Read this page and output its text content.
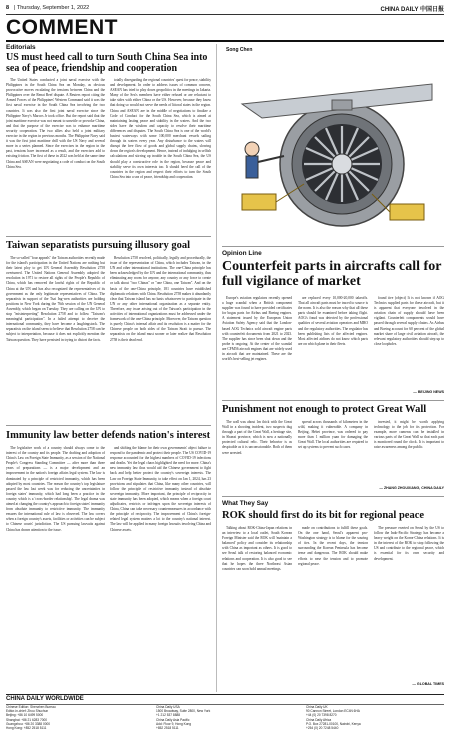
8 | Thursday, September 1, 2022	CHINA DAILY 中国日报
COMMENT
Editorials
US must heed call to turn South China Sea into sea of peace, friendship and cooperation

The United States conducted a joint naval exercise with the Philippines in the South China Sea on Monday, as obvious provocative moves escalating the tensions between China and the Philippines over the Renai Reef dispute. A Reuters report citing the Armed Forces of the Philippines' Western Command said it was the first naval exercise in the South China Sea involving the two countries. It was also the first joint naval exercise since the Philippine Navy's Marcos Jr took office. But the report said that the joint maritime exercise was not meant to unsettle or provoke China, and that the purpose of the exercise was to enhance maritime security cooperation. The two allies also held a joint military exercise in the region in previous months. The Philippine Navy said it was the first joint maritime drill with the US Navy and several more in a series planned. Since the exercises in the region in the past, tensions have increased as a result, and the exercises add to existing friction. The first of these in 2022 was held at the same time China and ASEAN were negotiating a code of conduct on the South China Sea.

totally disregarding the regional countries' quest for peace, stability and development. In order to address issues of common concern, ASEAN has tried to play down geopolitics in the meetings in Jakarta. Many of the Sea's members have either refused or are reluctant to take sides with either China or the US. However, because they know that doing so would not serve the needs of littoral states in the region. China and ASEAN are in the middle of negotiations to finalize a Code of Conduct for the South China Sea, which is aimed at maintaining lasting peace and stability in the waters. And the two sides have the wisdom and capacity to resolve their maritime differences and disputes. The South China Sea is one of the world's busiest waterways with some 100,000 merchant vessels sailing through its waters every year. Any disturbance to the waters will disrupt the free flow of goods and global supply chains, slowing down the region's development. Hence, instead of indulging in selfish calculations and stirring up trouble in the South China Sea, the US should play a constructive role in the region, because peace and stability serve its own interests too. It should heed the call of the countries in the region and respect their efforts to turn the South China Sea into a sea of peace, friendship and cooperation.

Taiwan separatists pursuing illusory goal

The so-called "four appeals" the Taiwan authorities recently made for the island's participation in the United Nations are nothing but their latest ploy to get UN General Assembly Resolution 2758 overturned. The United Nations General Assembly adopted the resolution in 1971 to restore all rights of the People's Republic of China, which has removed the lawful rights of the Republic of China at the UN and has also recognized the representatives of its government as the only legitimate representatives of China. The separatists in support of the Tsai Ing-wen authorities are holding positions in New York during the 76th session of the UN General Assembly, which began on Tuesday. They are calling on the UN to stop "misinterpreting" Resolution 2758 and to follow "Taiwan's meaningful participation". In a failed attempt to deceive the international community, they have become a laughingstock. The separatists on the island seem to believe that Resolution 2758 can be subject to interpretation, because it does not explicitly mention the Taiwan question. They have persisted in trying to distort the facts.

Resolution 2758 resolved, politically, legally and procedurally, the issue of the representation of China, which includes Taiwan, in the UN and other international institutions. The one-China principle has been acknowledged by the UN and the international community, thus eliminating any room for anyone, any country or any force to create or talk about "two Chinas" or "one China, one Taiwan". And on the basis of the one-China principle, 181 countries have established diplomatic relations with China. Resolution 2758 makes it abundantly clear that Taiwan island has no basis whatsoever to participate in the UN or any other international organization as a separate entity. Therefore, any issue arising out of the Taiwan's participation in the activities of international organizations must be addressed under the framework of the one-China principle. Moreover, the Taiwan question is purely China's internal affair and its resolution is a matter for the Chinese people on both sides of the Taiwan Strait to pursue. The separatists on the island must sooner or later realize that Resolution 2758 is their dead end.

Immunity law better defends nation's interest

The legislative work of a country should always come to the interest of the country and its people. The drafting and adoption of China's Law on Foreign State Immunity, as a session of the National People's Congress Standing Committee — after more than three years of preparations — is a major development and an improvement in the nation's foreign affairs legal system. The law is dominated by a principle of restricted immunity, which has been adopted by most countries. The reason the country's top legislature passed the law last week was for reducing the uncertainties in foreign states' immunity, which had long been a practice in the country which is a 'cross-border relationship'. The legal drama was aimed at changing the country's approach to foreign states' immunity from absolute immunity to restrictive immunity. The immunity ensures the international rule of law is observed. The law covers when a foreign country's assets, facilities or activities can be subject to Chinese courts' jurisdiction. The US pursuing lawsuits against China has drawn attention to the issue.

and shifting the blame for their own governments' abject failure to respond to the pandemic and protect their people. The US COVID-19 response accounted for the highest numbers of COVID-19 infections and deaths. Yet the legal chaos highlighted the need for more. China's new immunity law thus would aid the Chinese government to fight back and help better protect the country's sovereign interests. The Law on Foreign State Immunity, to take effect on Jan 1, 2024, has 23 provisions and stipulates that China, like many other countries, will follow the principle of restrictive immunity instead of absolute sovereign immunity. More important, the principle of reciprocity in state immunity has been adopted, which means when a foreign court adjudicates, restricts or infringes upon the sovereign interests of China, China can take necessary countermeasures in accordance with the principle of reciprocity. The improvement of China's foreign-related legal system matters a lot to the country's national interest. The law will be applied in many foreign lawsuits involving China and Chinese assets.

CHINA DAILY WORLDWIDE
Chinese Edition: Shenzhen Bureau
Editor-in-chief: Zhou Shuchun
Beijing: +86 10 6499 5000
Shanghai: +86 21 6283 7000
Guangzhou: +86 20 3388 0000
Hong Kong: +852 2518 5111
China Daily USA
1500 Broadway, Suite 2800, New York
+1 212 537 8888
China Daily Asia Pacific
Add: Floor 9, Hong Kong
+852 2518 5111
China Daily UK
90 Cannon Street, London EC4N 6HA
+44 (0) 20 7398 8270
China Daily Africa
P.O. Box 27281-00100, Nairobi, Kenya
+254 (0) 20 7248 5440
Song Chen
Opinion Line
Counterfeit parts in aircrafts call for full vigilance of market

Europe's aviation regulators recently opened a huge scandal when a British component supplier was found to have provided certificates for bogus parts for Airbus and Boeing engines. A statement issued by the European Union Aviation Safety Agency said that the London-based AOG Technics sold aircraft engine parts with counterfeit documents from 2021 to 2023. The supplier has since been shut down and the probe is ongoing. At the center of the scandal are CFM56 aircraft engines that are widely used in aircraft that are maintained. These are the world's best-selling jet engines.

are replaced every 10,000-20,000 takeoffs. That all aircraft parts must be traced to source is the norm. It is also the reason why that all these parts should be examined before taking flight. AOG's fraud was detected by the professional qualities of several aviation operators and MRO and the regulatory authorities. The regulator has been publishing lists of the affected engines. Most affected airlines do not know which parts are on which plane in their fleets.

found tive (object) It is not known if AOG Technics supplied parts for these aircraft, but it is apparent that everyone involved in the aviation chain of supply should have been vigilant. Counterfeit components would have passed through several supply chains. As Airbus and Boeing account for 60 percent of the global market share of large civil aviation aircraft, the relevant regulatory authorities should step up to close loopholes.

— BEIJING NEWS
Punishment not enough to protect Great Wall

The wall was about 1m thick with the Great Wall in a shooting incident, two suspects dug through a part of the Great Wall, a heritage site, in Shanxi province, which is now a nationally protected cultural relic. Their behavior is as despicable as it is unconscionable. Both of them were arrested.

spread across thousands of kilometers in the wild, making it vulnerable. A company in Beijing, Hebei province, was ordered to pay more than 1 million yuan for damaging the Great Wall. The local authorities are required to set up systems to prevent such cases.

invested, it might be worth applying technology to the job for its protection. For example, more cameras can be installed in various parts of the Great Wall so that each part is monitored round the clock. It is important to raise awareness among the public.

— ZHANG ZHOUXIANG, CHINA DAILY
What They Say
ROK should first do its bit for regional peace

Talking about ROK-China-Japan relations in an interview to a local outlet, South Korean Foreign Minister said the ROK will 'maintain a balanced' policy and consider its relationship with China as important as others. It is good to see Seoul talk of restoring balanced economic relations and cooperation. It is also good to see that he hopes the three Northeast Asian countries can soon hold annual meetings.

made on contributions to fulfill these goals. On the one hand, Seoul's apparent pro-Washington strategy is to blame for the souring of ties. In the recent days, the tension surrounding the Korean Peninsula has become tense and dangerous. The ROK should make efforts to ease the tension and to promote regional peace.

The pressure exerted on Seoul by the US to follow the Indo-Pacific Strategy has become a heavy weight on the Korea-China relations. It is in the interest of the ROK to stop following the US and contribute to the regional peace, which is essential for its own security and development.

— GLOBAL TIMES
